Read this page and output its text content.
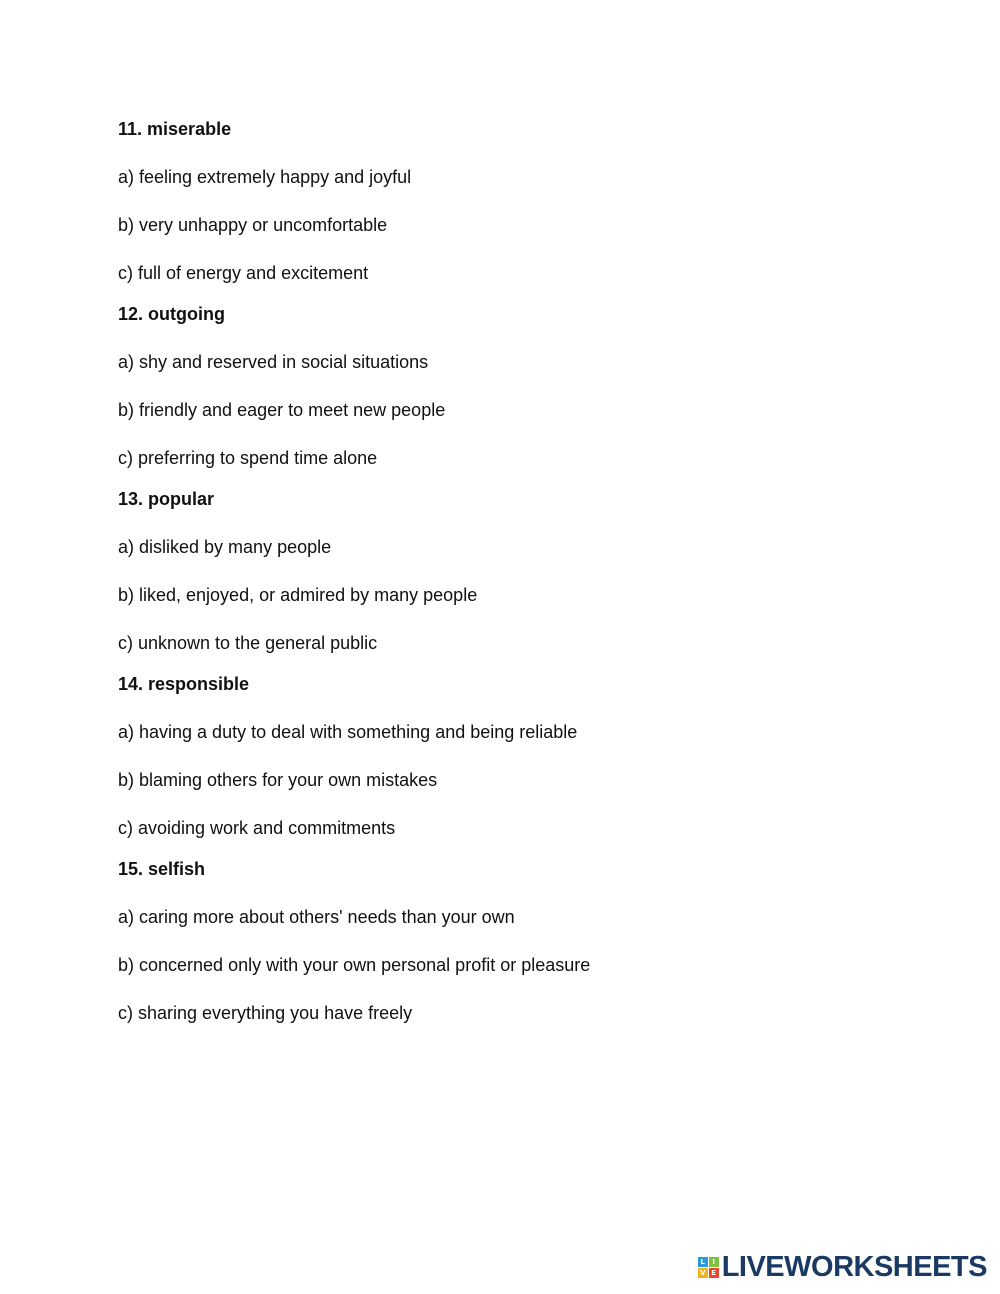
11. miserable
a) feeling extremely happy and joyful
b) very unhappy or uncomfortable
c) full of energy and excitement
12. outgoing
a) shy and reserved in social situations
b) friendly and eager to meet new people
c) preferring to spend time alone
13. popular
a) disliked by many people
b) liked, enjoyed, or admired by many people
c) unknown to the general public
14. responsible
a) having a duty to deal with something and being reliable
b) blaming others for your own mistakes
c) avoiding work and commitments
15. selfish
a) caring more about others' needs than your own
b) concerned only with your own personal profit or pleasure
c) sharing everything you have freely
L	I
V E LIVEWORKSHEETS
